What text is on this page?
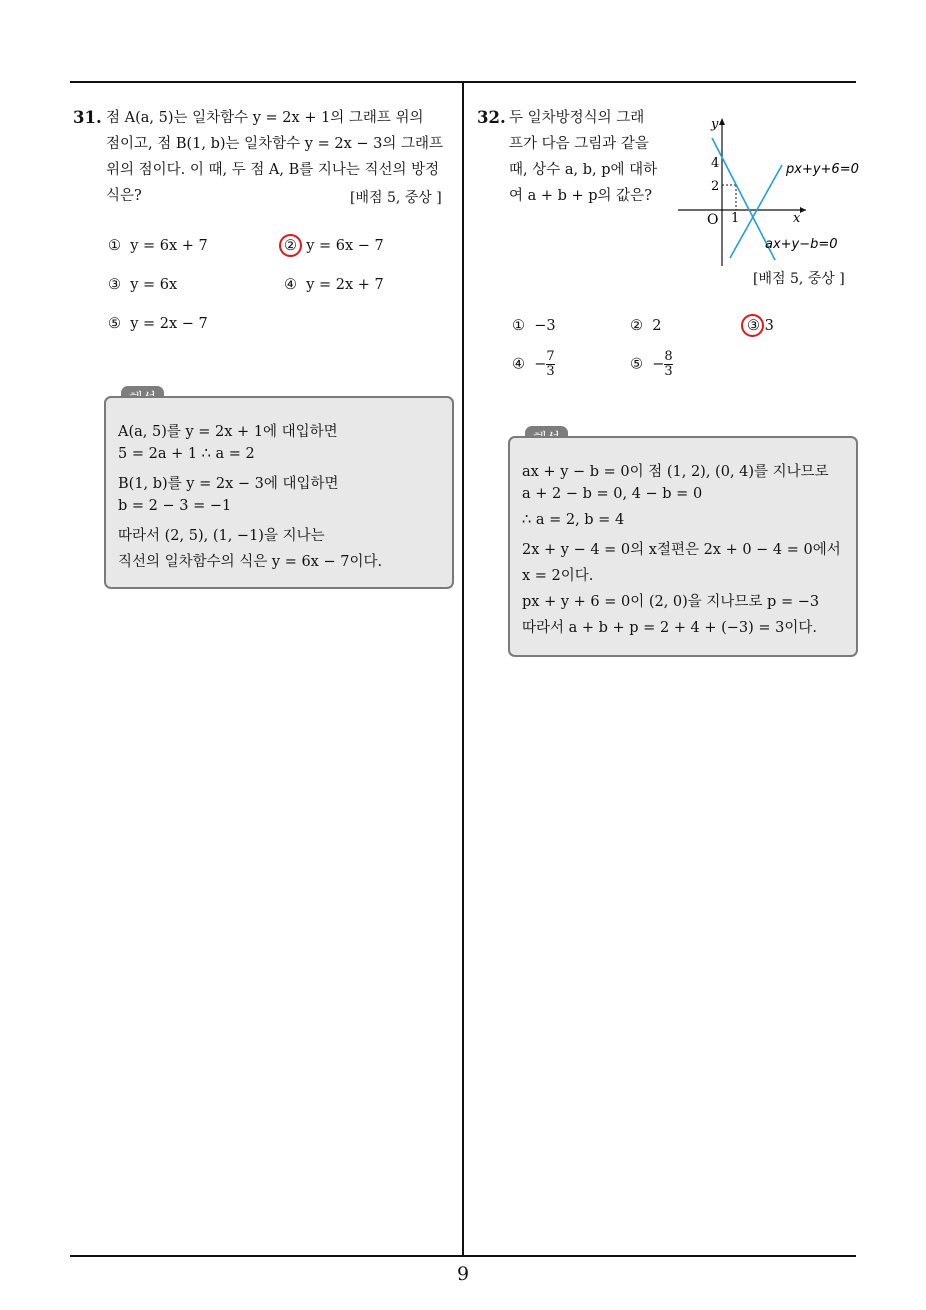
9
31. 점 A(a, 5)는 일차함수 y = 2x + 1의 그래프 위의
점이고, 점 B(1, b)는 일차함수 y = 2x − 3의 그래프
위의 점이다. 이 때, 두 점 A, B를 지나는 직선의 방정
식은?	[배점 5, 중상 ]
① y = 6x + 7	② y = 6x − 7
③ y = 6x	④ y = 2x + 7
⑤ y = 2x − 7
A(a, 5)를 y = 2x + 1에 대입하면
5 = 2a + 1 ∴ a = 2
B(1, b)를 y = 2x − 3에 대입하면
b = 2 − 3 = −1
따라서 (2, 5), (1, −1)을 지나는
직선의 일차함수의 식은 y = 6x − 7이다.
32. 두 일차방정식의 그래
프가 다음 그림과 같을
때, 상수 a, b, p에 대하
여 a + b + p의 값은?
y
x
O
4
2
1
px+y+6=0
ax+y−b=0
[배점 5, 중상 ]
① −3	② 2	③ 3
④ − $\frac{7}{3}$	⑤ − $\frac{8}{3}$
ax + y − b = 0이 점 (1, 2), (0, 4)를 지나므로
a + 2 − b = 0, 4 − b = 0
∴ a = 2, b = 4
2x + y − 4 = 0의 x절편은 2x + 0 − 4 = 0에서
x = 2이다.
px + y + 6 = 0이 (2, 0)을 지나므로 p = −3
따라서 a + b + p = 2 + 4 + (−3) = 3이다.
